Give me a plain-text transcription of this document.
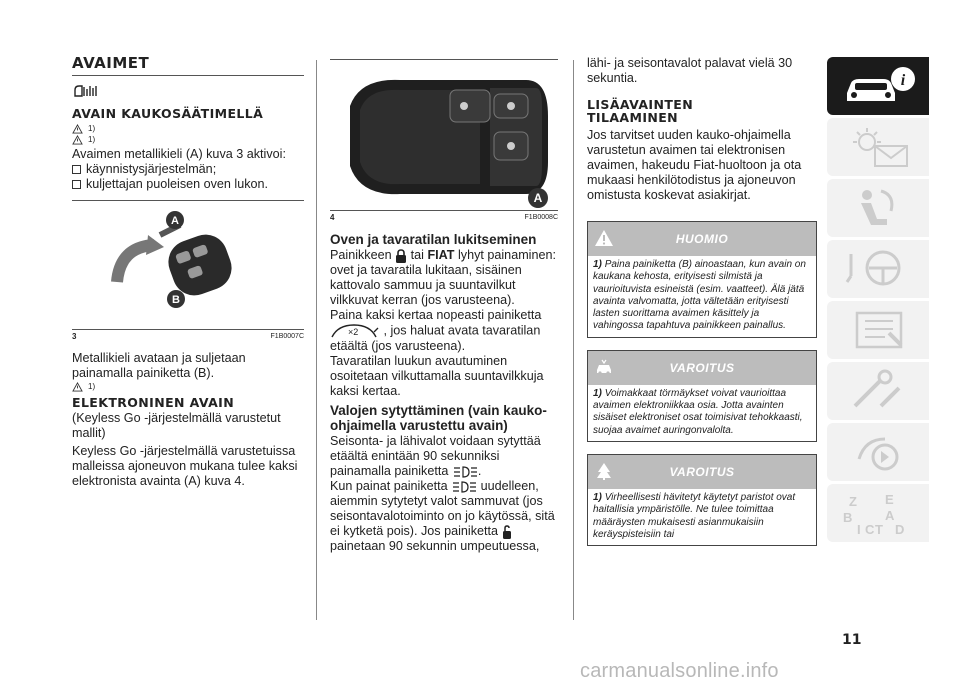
AVAIMET
AVAIN KAUKOSÄÄTIMELLÄ
1)
1)

Avaimen metallikieli (A) kuva 3 aktivoi:

käynnistysjärjestelmän;
kuljettajan puoleisen oven lukon.
A
B
3	F1B0007C

Metallikieli avataan ja suljetaan painamalla painiketta (B).

1)
ELEKTRONINEN AVAIN

(Keyless Go -järjestelmällä varustetut mallit)

Keyless Go -järjestelmällä varustetuissa malleissa ajoneuvon mukana tulee kaksi elektronista avainta (A) kuva 4.

A
4	F1B0008C
Oven ja tavaratilan lukitseminen

Painikkeen tai FIAT lyhyt painaminen: ovet ja tavaratila lukitaan, sisäinen kattovalo sammuu ja suuntavilkut vilkkuvat kerran (jos varusteena).

Paina kaksi kertaa nopeasti painiketta

×2 , jos haluat avata tavaratilan etäältä (jos varusteena).

Tavaratilan luukun avautuminen osoitetaan vilkuttamalla suuntavilkkuja kaksi kertaa.

Valojen sytyttäminen (vain kauko-ohjaimella varustettu avain)

Seisonta- ja lähivalot voidaan sytyttää etäältä enintään 90 sekunniksi painamalla painiketta .

Kun painat painiketta	uudelleen, aiemmin sytytetyt valot sammuvat (jos seisontavalotoiminto on jo käytössä, sitä ei kytketä pois). Jos painiketta  painetaan 90 sekunnin umpeutuessa,

lähi- ja seisontavalot palavat vielä 30 sekuntia.

LISÄAVAINTEN TILAAMINEN

Jos tarvitset uuden kauko-ohjaimella varustetun avaimen tai elektronisen avaimen, hakeudu Fiat-huoltoon ja ota mukaasi henkilötodistus ja ajoneuvon omistusta koskevat asiakirjat.

HUOMIO
1) Paina painiketta (B) ainoastaan, kun avain on kaukana kehosta, erityisesti silmistä ja vaurioituvista esineistä (esim. vaatteet). Älä jätä avainta valvomatta, jotta vältetään erityisesti lasten suorittama avaimen käsittely ja vahingossa tapahtuva painikkeen painallus.
VAROITUS
1) Voimakkaat törmäykset voivat vaurioittaa avaimen elektroniikkaa osia. Jotta avainten sisäiset elektroniset osat toimisivat tehokkaasti, suojaa avaimet auringonvalolta.
VAROITUS
1) Virheellisesti hävitetyt käytetyt paristot ovat haitallisia ympäristölle. Ne tulee toimittaa määräysten mukaisesti asianmukaisiin keräyspisteisiin tai
i
Z E
B	A
C T D
I
11
carmanualsonline.info
